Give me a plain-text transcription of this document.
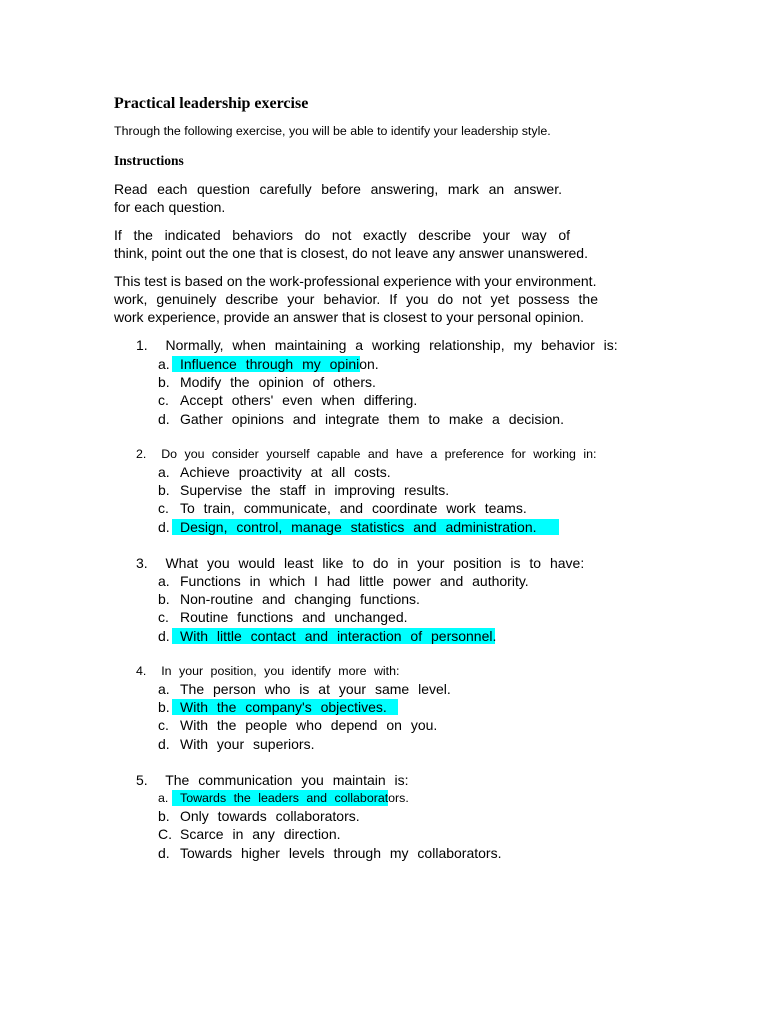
Practical leadership exercise

Through the following exercise, you will be able to identify your leadership style.

Instructions

Read each question carefully before answering, mark an answer.
for each question.

If the indicated behaviors do not exactly describe your way of
think, point out the one that is closest, do not leave any answer unanswered.

This test is based on the work-professional experience with your environment.
work, genuinely describe your behavior. If you do not yet possess the
work experience, provide an answer that is closest to your personal opinion.

1. Normally, when maintaining a working relationship, my behavior is:

a. Influence through my opinion.
b. Modify the opinion of others.
c. Accept others' even when differing.
d. Gather opinions and integrate them to make a decision.

2. Do you consider yourself capable and have a preference for working in:

a. Achieve proactivity at all costs.
b. Supervise the staff in improving results.
c. To train, communicate, and coordinate work teams.
d. Design, control, manage statistics and administration.

3. What you would least like to do in your position is to have:

a. Functions in which I had little power and authority.
b. Non-routine and changing functions.
c. Routine functions and unchanged.
d. With little contact and interaction of personnel.

4. In your position, you identify more with:

a. The person who is at your same level.
b. With the company's objectives.
c. With the people who depend on you.
d. With your superiors.

5. The communication you maintain is:

a. Towards the leaders and collaborators.
b. Only towards collaborators.
C. Scarce in any direction.
d. Towards higher levels through my collaborators.
